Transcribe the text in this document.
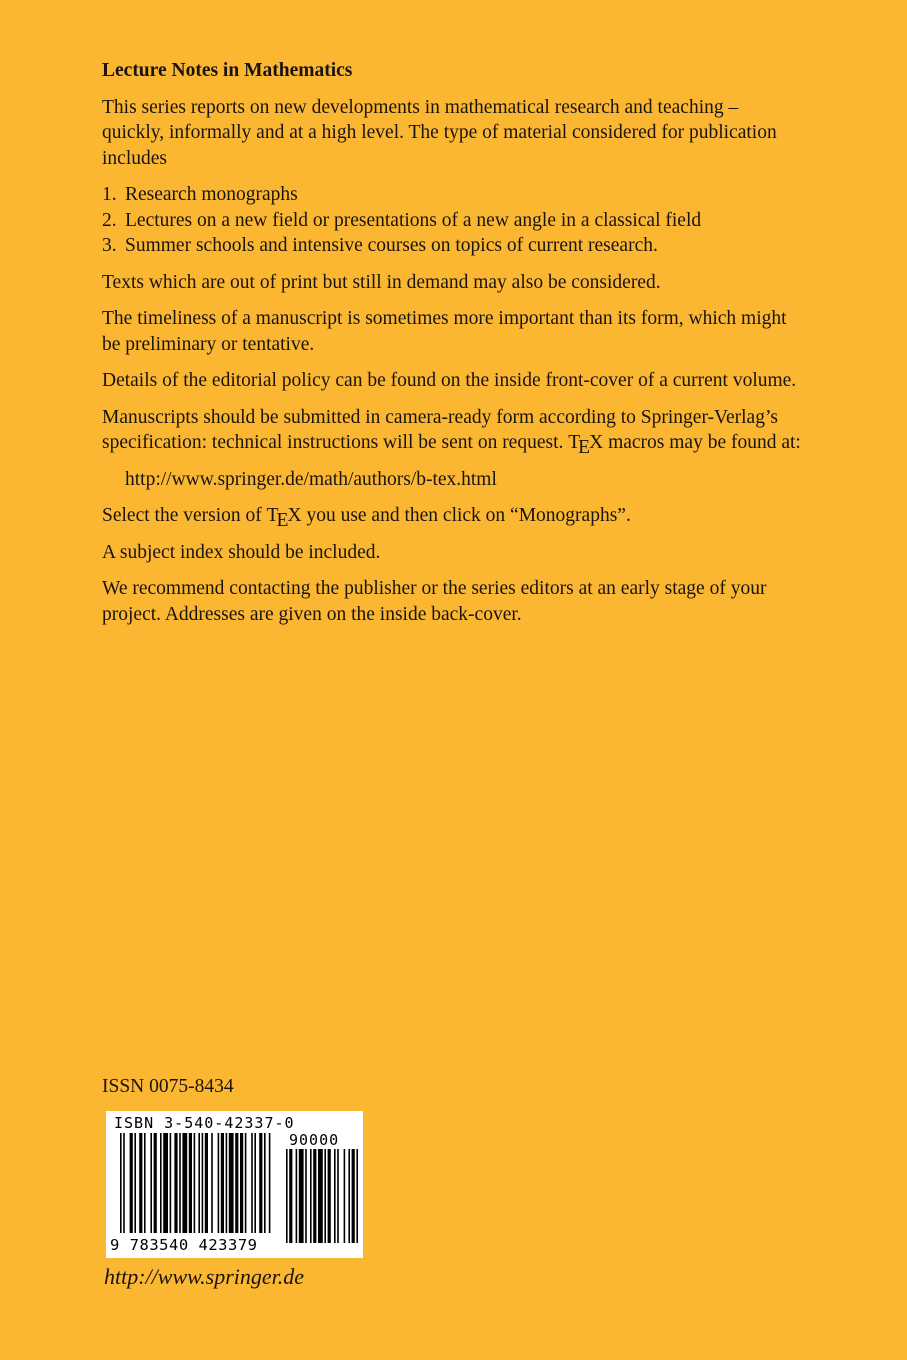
Lecture Notes in Mathematics
This series reports on new developments in mathematical research and teaching – quickly, informally and at a high level. The type of material considered for publication includes
1. Research monographs
2. Lectures on a new field or presentations of a new angle in a classical field
3. Summer schools and intensive courses on topics of current research.
Texts which are out of print but still in demand may also be considered.
The timeliness of a manuscript is sometimes more important than its form, which might be preliminary or tentative.
Details of the editorial policy can be found on the inside front-cover of a current volume.
Manuscripts should be submitted in camera-ready form according to Springer-Verlag’s specification: technical instructions will be sent on request. TEX macros may be found at:
http://www.springer.de/math/authors/b-tex.html
Select the version of TEX you use and then click on “Monographs”.
A subject index should be included.
We recommend contacting the publisher or the series editors at an early stage of your project. Addresses are given on the inside back-cover.
ISSN 0075-8434
ISBN 3-540-42337-0
90000
9 783540 423379
http://www.springer.de
